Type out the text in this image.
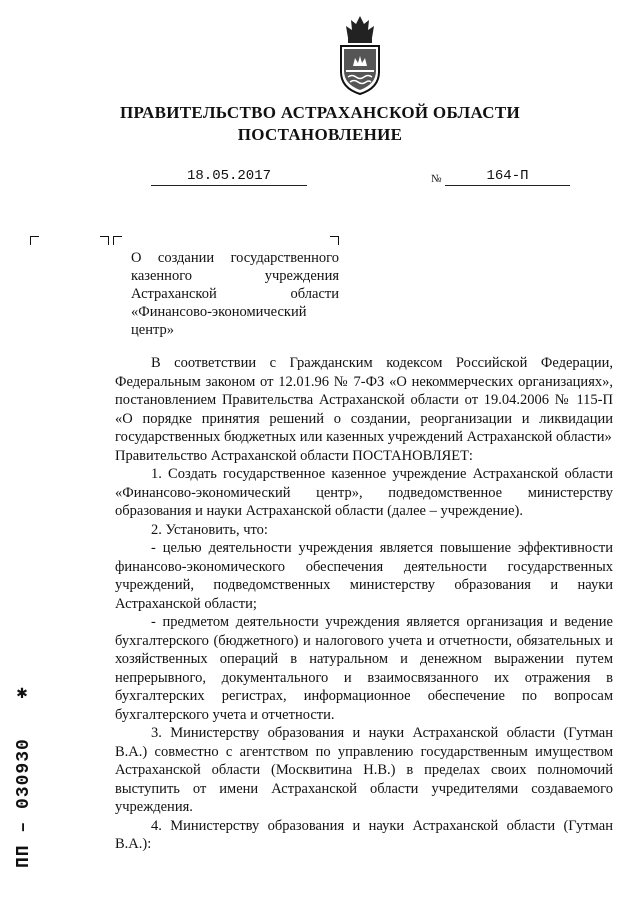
ПРАВИТЕЛЬСТВО АСТРАХАНСКОЙ ОБЛАСТИ
ПОСТАНОВЛЕНИЕ
18.05.2017	№	164-П
О создании государственного казенного учреждения Астраханской области «Финансово-экономический центр»

В соответствии с Гражданским кодексом Российской Федерации, Федеральным законом от 12.01.96 № 7-ФЗ «О некоммерческих организациях», постановлением Правительства Астраханской области от 19.04.2006 № 115-П «О порядке принятия решений о создании, реорганизации и ликвидации государственных бюджетных или казенных учреждений Астраханской области»

Правительство Астраханской области ПОСТАНОВЛЯЕТ:

1. Создать государственное казенное учреждение Астраханской области «Финансово-экономический центр», подведомственное министерству образования и науки Астраханской области (далее – учреждение).

2. Установить, что:

- целью деятельности учреждения является повышение эффективности финансово-экономического обеспечения деятельности государственных учреждений, подведомственных министерству образования и науки Астраханской области;

- предметом деятельности учреждения является организация и ведение бухгалтерского (бюджетного) и налогового учета и отчетности, обязательных и хозяйственных операций в натуральном и денежном выражении путем непрерывного, документального и взаимосвязанного их отражения в бухгалтерских регистрах, информационное обеспечение по вопросам бухгалтерского учета и отчетности.

3. Министерству образования и науки Астраханской области (Гутман В.А.) совместно с агентством по управлению государственным имуществом Астраханской области (Москвитина Н.В.) в пределах своих полномочий выступить от имени Астраханской области учредителями создаваемого учреждения.

4. Министерству образования и науки Астраханской области (Гутман В.А.):

✱
ПП – 030930
